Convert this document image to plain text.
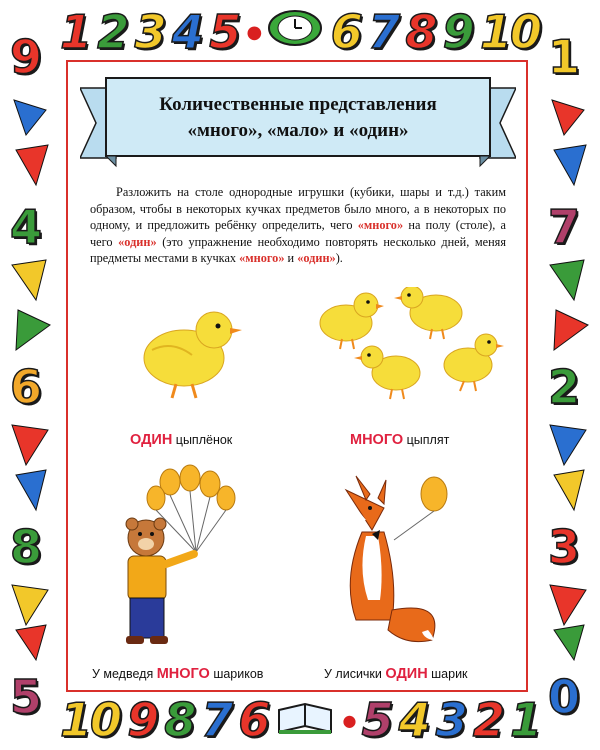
1 2 3 4 5 ● 6 7 8 9 10
9
4
6
8
5
1
7
2
3
0
10 9 8 7 6	● 5 4 3 2 1
Количественные представления
«много», «мало» и «один»

Разложить на столе однородные игрушки (кубики, шары и т.д.) таким образом, чтобы в некоторых кучках предметов было много, а в некоторых по одному, и предложить ребёнку определить, чего «много» на полу (столе), а чего «один» (это упражнение необходимо повторять несколько дней, меняя предметы местами в кучках «много» и «один»).

ОДИН цыплёнок	МНОГО цыплят
У медведя МНОГО шариков	У лисички ОДИН шарик
